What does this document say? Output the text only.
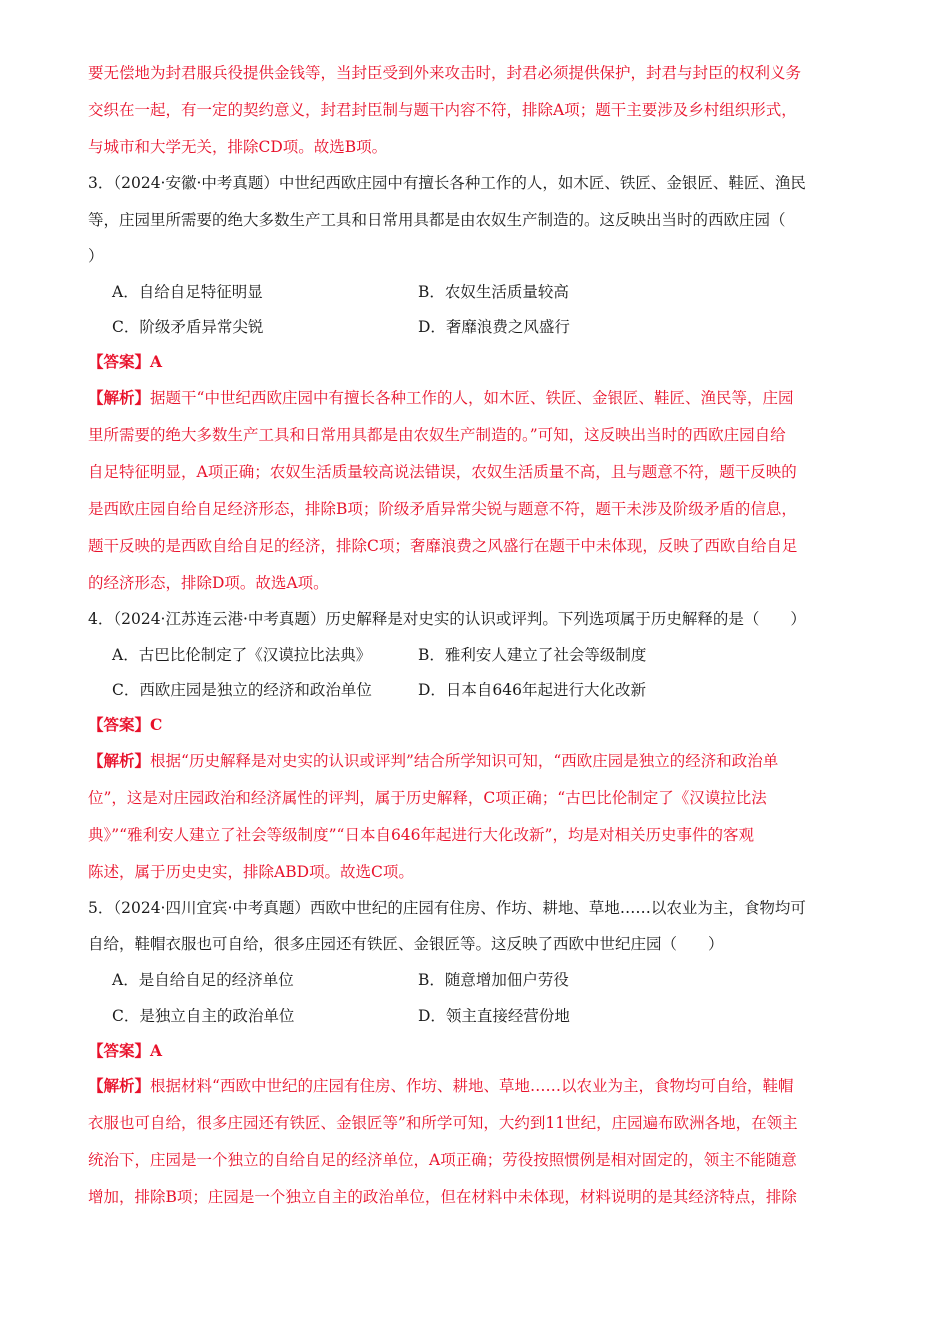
要无偿地为封君服兵役提供金钱等，当封臣受到外来攻击时，封君必须提供保护，封君与封臣的权利义务
交织在一起，有一定的契约意义，封君封臣制与题干内容不符，排除A项；题干主要涉及乡村组织形式，
与城市和大学无关，排除CD项。故选B项。
3．（2024·安徽·中考真题）中世纪西欧庄园中有擅长各种工作的人，如木匠、铁匠、金银匠、鞋匠、渔民
等，庄园里所需要的绝大多数生产工具和日常用具都是由农奴生产制造的。这反映出当时的西欧庄园（
）
A．自给自足特征明显	B．农奴生活质量较高
C．阶级矛盾异常尖锐	D．奢靡浪费之风盛行
【答案】A
【解析】据题干“中世纪西欧庄园中有擅长各种工作的人，如木匠、铁匠、金银匠、鞋匠、渔民等，庄园
里所需要的绝大多数生产工具和日常用具都是由农奴生产制造的。”可知，这反映出当时的西欧庄园自给
自足特征明显，A项正确；农奴生活质量较高说法错误，农奴生活质量不高，且与题意不符，题干反映的
是西欧庄园自给自足经济形态，排除B项；阶级矛盾异常尖锐与题意不符，题干未涉及阶级矛盾的信息，
题干反映的是西欧自给自足的经济，排除C项；奢靡浪费之风盛行在题干中未体现，反映了西欧自给自足
的经济形态，排除D项。故选A项。
4．（2024·江苏连云港·中考真题）历史解释是对史实的认识或评判。下列选项属于历史解释的是（　　）
A．古巴比伦制定了《汉谟拉比法典》	B．雅利安人建立了社会等级制度
C．西欧庄园是独立的经济和政治单位	D．日本自646年起进行大化改新
【答案】C
【解析】根据“历史解释是对史实的认识或评判”结合所学知识可知，“西欧庄园是独立的经济和政治单
位”，这是对庄园政治和经济属性的评判，属于历史解释，C项正确；“古巴比伦制定了《汉谟拉比法
典》”“雅利安人建立了社会等级制度”“日本自646年起进行大化改新”，均是对相关历史事件的客观
陈述，属于历史史实，排除ABD项。故选C项。
5．（2024·四川宜宾·中考真题）西欧中世纪的庄园有住房、作坊、耕地、草地……以农业为主，食物均可
自给，鞋帽衣服也可自给，很多庄园还有铁匠、金银匠等。这反映了西欧中世纪庄园（　　）
A．是自给自足的经济单位	B．随意增加佃户劳役
C．是独立自主的政治单位	D．领主直接经营份地
【答案】A
【解析】根据材料“西欧中世纪的庄园有住房、作坊、耕地、草地……以农业为主，食物均可自给，鞋帽
衣服也可自给，很多庄园还有铁匠、金银匠等”和所学可知，大约到11世纪，庄园遍布欧洲各地，在领主
统治下，庄园是一个独立的自给自足的经济单位，A项正确；劳役按照惯例是相对固定的，领主不能随意
增加，排除B项；庄园是一个独立自主的政治单位，但在材料中未体现，材料说明的是其经济特点，排除
